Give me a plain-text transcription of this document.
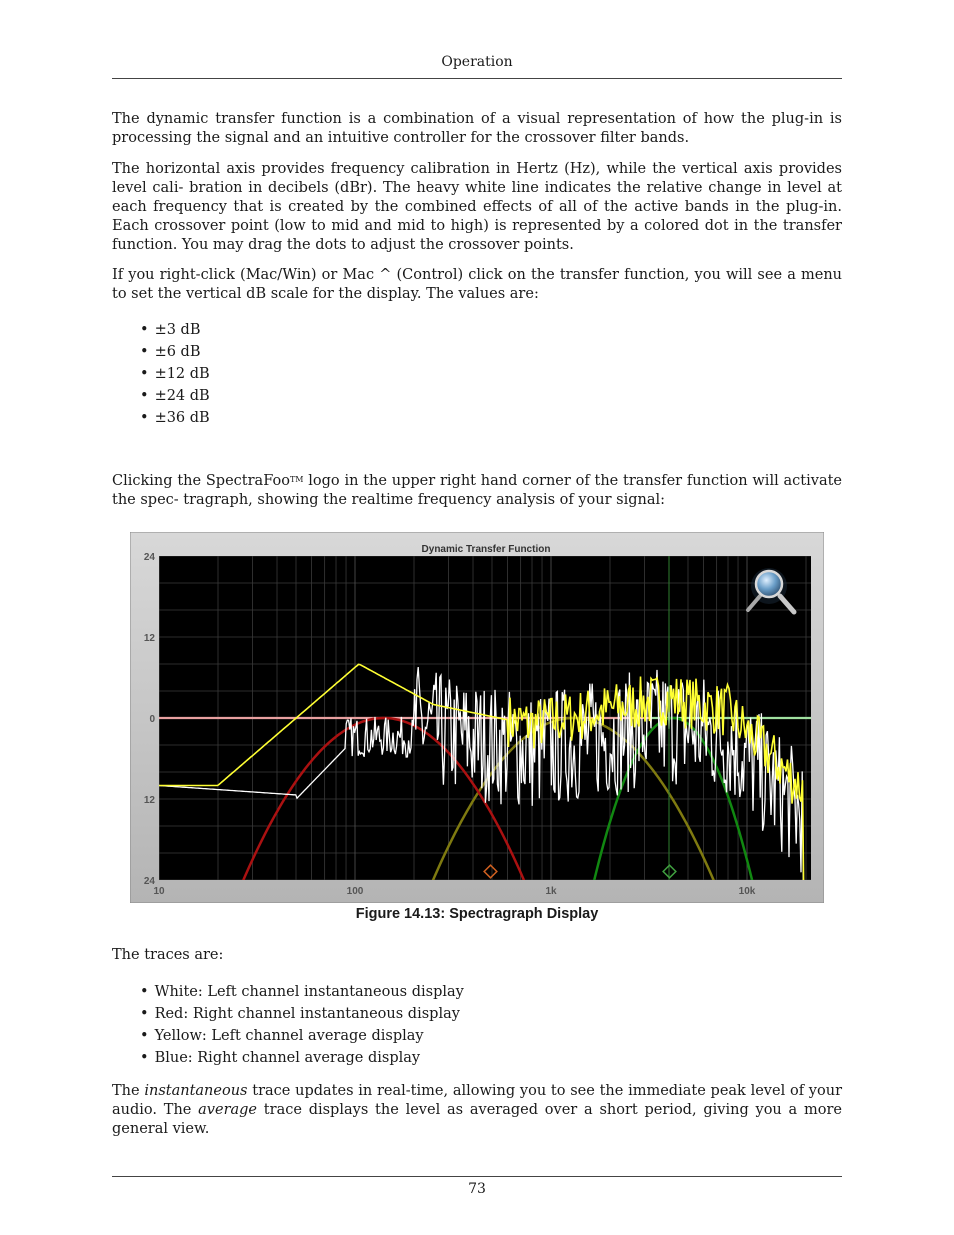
Operation

The dynamic transfer function is a combination of a visual representation of how the plug-in is processing the signal and an intuitive controller for the crossover filter bands.

The horizontal axis provides frequency calibration in Hertz (Hz), while the vertical axis provides level cali- bration in decibels (dBr). The heavy white line indicates the relative change in level at each frequency that is created by the combined effects of all of the active bands in the plug-in. Each crossover point (low to mid and mid to high) is represented by a colored dot in the transfer function. You may drag the dots to adjust the crossover points.

If you right-click (Mac/Win) or Mac ^ (Control) click on the transfer function, you will see a menu to set the vertical dB scale for the display. The values are:

• ±3 dB
• ±6 dB
• ±12 dB
• ±24 dB
• ±36 dB

Clicking the SpectraFoo™ logo in the upper right hand corner of the transfer function will activate the spec- tragraph, showing the realtime frequency analysis of your signal:

The traces are:

• White: Left channel instantaneous display
• Red: Right channel instantaneous display
• Yellow: Left channel average display
• Blue: Right channel average display

The instantaneous trace updates in real-time, allowing you to see the immediate peak level of your audio. The average trace displays the level as averaged over a short period, giving you a more general view.

Dynamic Transfer Function
24
12
0
12
24
10	100	1k	10k
Figure 14.13: Spectragraph Display
73
